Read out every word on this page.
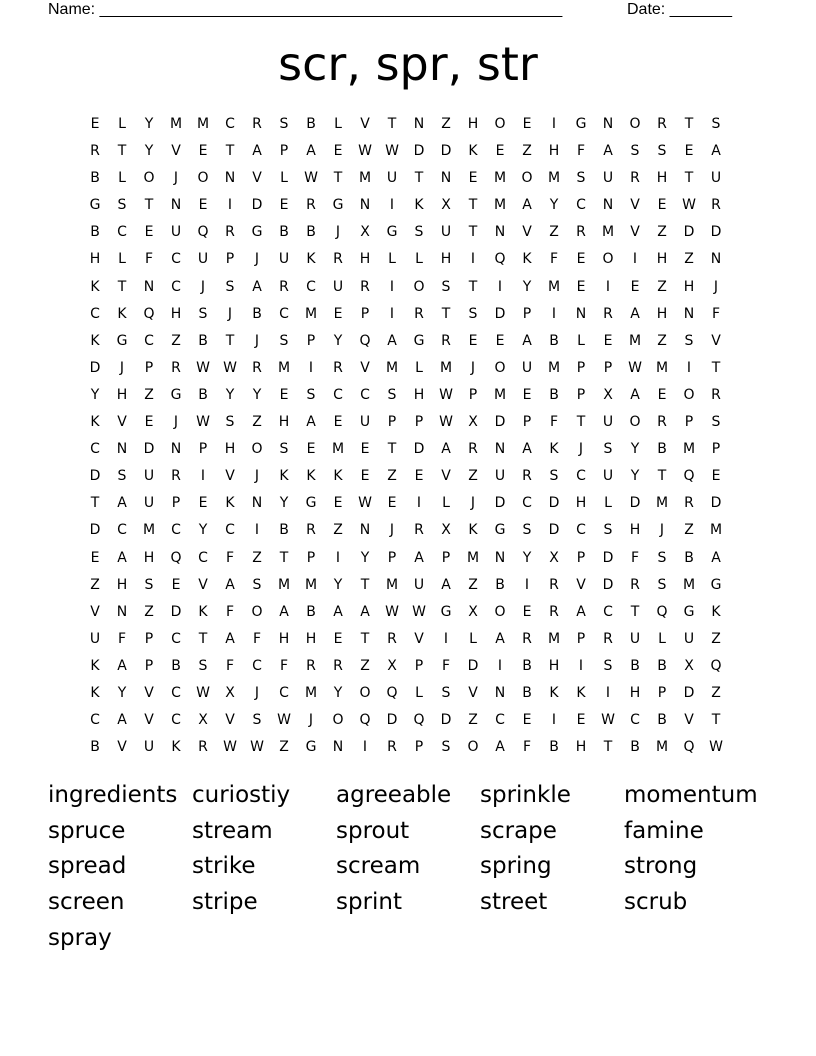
Name: ____________________________________________________	Date: _______
scr, spr, str
E	L	Y	M	M	C	R	S	B	L	V	T	N	Z	H	O	E	I	G	N	O	R	T	S
R	T	Y	V	E	T	A	P	A	E	W W	D	D	K	E	Z	H	F	A	S	S	E	A
B	L	O	J	O	N	V	L	W	T	M	U	T	N	E	M	O	M	S	U	R	H	T	U
G	S	T	N	E	I	D	E	R	G	N	I	K	X	T	M	A	Y	C	N	V	E	W	R
B	C	E	U	Q	R	G	B	B	J	X	G	S	U	T	N	V	Z	R	M	V	Z	D	D
H	L	F	C	U	P	J	U	K	R	H	L	L	H	I	Q	K	F	E	O	I	H	Z	N
K	T	N	C	J	S	A	R	C	U	R	I	O	S	T	I	Y	M	E	I	E	Z	H	J
C	K	Q	H	S	J	B	C	M	E	P	I	R	T	S	D	P	I	N	R	A	H	N	F
K	G	C	Z	B	T	J	S	P	Y	Q	A	G	R	E	E	A	B	L	E	M	Z	S	V
D	J	P	R	W W	R	M	I	R	V	M	L	M	J	O	U	M	P	P	W	M	I	T
Y	H	Z	G	B	Y	Y	E	S	C	C	S	H	W	P	M	E	B	P	X	A	E	O	R
K	V	E	J	W	S	Z	H	A	E	U	P	P	W	X	D	P	F	T	U	O	R	P	S
C	N	D	N	P	H	O	S	E	M	E	T	D	A	R	N	A	K	J	S	Y	B	M	P
D	S	U	R	I	V	J	K	K	K	E	Z	E	V	Z	U	R	S	C	U	Y	T	Q	E
T	A	U	P	E	K	N	Y	G	E	W	E	I	L	J	D	C	D	H	L	D	M	R	D
D	C	M	C	Y	C	I	B	R	Z	N	J	R	X	K	G	S	D	C	S	H	J	Z	M
E	A	H	Q	C	F	Z	T	P	I	Y	P	A	P	M	N	Y	X	P	D	F	S	B	A
Z	H	S	E	V	A	S	M	M	Y	T	M	U	A	Z	B	I	R	V	D	R	S	M	G
V	N	Z	D	K	F	O	A	B	A	A	W W	G	X	O	E	R	A	C	T	Q	G	K
U	F	P	C	T	A	F	H	H	E	T	R	V	I	L	A	R	M	P	R	U	L	U	Z
K	A	P	B	S	F	C	F	R	R	Z	X	P	F	D	I	B	H	I	S	B	B	X	Q
K	Y	V	C	W	X	J	C	M	Y	O	Q	L	S	V	N	B	K	K	I	H	P	D	Z
C	A	V	C	X	V	S	W	J	O	Q	D	Q	D	Z	C	E	I	E	W	C	B	V	T
B	V	U	K	R	W W	Z	G	N	I	R	P	S	O	A	F	B	H	T	B	M	Q	W
ingredients curiostiy agreeable sprinkle momentum
spruce	stream	sprout	scrape	famine
spread	strike	scream	spring	strong
screen	stripe	sprint	street	scrub
spray
